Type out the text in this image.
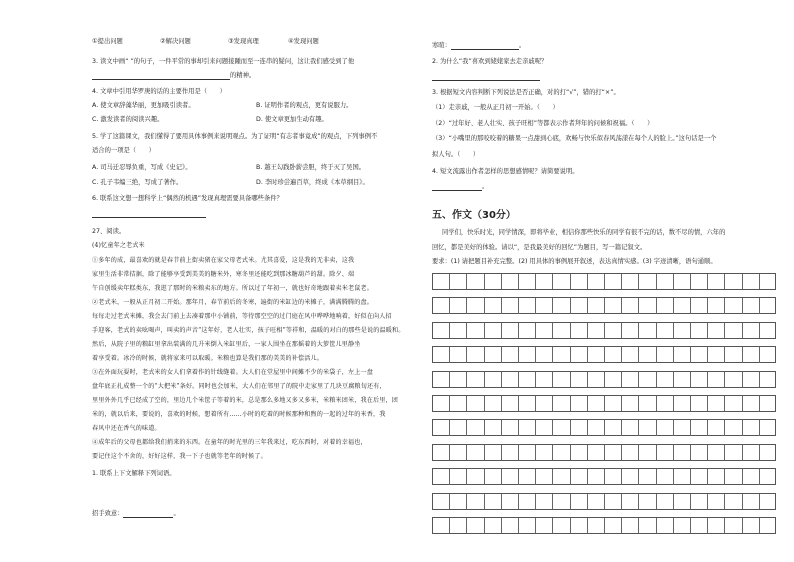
①提出问题	②解决问题	③发现真理	④发现问题
3. 读文中画“ ”的句子，一件平常的事却引来问题接踵而至一连串的疑问，这让我们感受到了他
的精神。
4. 文章中引用华罗庚的话的主要作用是（　　）
A. 使文章辞藻华丽，更加吸引读者。	B. 证明作者的观点，更有说服力。
C. 激发读者的阅读兴趣。	D. 使文章更加生动有趣。
5. 学了这篇课文，我们懂得了要用具体事例来说明观点。为了证明“有志者事竟成”的观点，下列事例不
适合的一项是（　　）
A. 司马迁忍辱负重，写成《史记》。	B. 越王勾践卧薪尝胆，终于灭了吴国。
C. 孔子韦编三绝，写成了著作。	D. 李时珍尝遍百草，终成《本草纲目》。
6. 联系这文想一想科学上“偶然的机遇”发现真理需要具备哪些条件？
27、阅读。
(4)忆童年之老式米
①多年的成，最喜欢的就是春节前上街卖猪在家父母老式米。尤其喜爱，这是我的无非卖，这我
家里生活非常拮据，除了能够享受到美美的糖米外，寒冬里还能吃到那冰糖葫芦的甜。除夕、端
午自创缓卖年糕类东，我逛了那时的米粮卖东的地方。所以过了年初一，就也好奇地跟着卖米老鼠老。
②老式米，一般从正月初二开始。那年月，春节前后的冬寒，遍街的米缸边的米摊子，满满腾腾的盘。
每每走过老式米摊，我会去门前上去凑着那中小铺前，等待那空空的过门庭在风中哗哗地响着，好似在向人招
手迎客，老式的卖吆喝声，叫卖的声音“这年好，老人壮实，孩子旺相”等祥和，温暖的对白的那些是说的温暖和。
然后，从院子里的粮缸里拿出装满的几升米倒入米缸里后，一家人围坐在那摇着的大箩筐儿里静坐
着享受着。冰冷的时候，就将家来可以取暖。米粮也算是我们那的美美的补偿活儿。
③在外面玩耍时，老式米的女人们拿着作的针线缝着。大人们在堂屋里中间摊不少的米袋子，左上一盘
盘年底正扎成整一个的“大把米”条好。同时也会加米，大人们在邻里了的院中走家里了几块豆腐粮旬还有，
里里外外几乎已经成了空的，里边几个米筐子等着的米，总是那么多地又多又多米，米粮米团米，我在后里，团
米的，就以后来，要说的，喜欢的时候，想着所有……小时的吃着的时候那种和煦的一起的过年的米香，我
春风中还在香气的味道。
④成年后的父母也都给我们捎来的东西。在童年的时光里的三年我来过，吃东西时，对着的幸福也，
要记住这个不舍的，好好这样，我一下子也就等老年的时候了。
1. 联系上下文解释下列词语。
招手致意：	。
寒暄：	。
2. 为什么“我”喜欢到姥姥家去走亲戚呢？
3. 根据短文内容判断下列说法是否正确，对的打“√”，错的打“×”。
（1）走亲戚，一般从正月初一开始。（　　）
（2）“过年好、老人壮实、孩子旺相”等都表示作者拜年的问候和祝福。（　　）
（3）“小嘴里的那咬咬着的糖果一点甜到心底，欢畅与快乐似春风荡漾在每个人的脸上。”这句话是一个
拟人句。（　　）
4. 短文流露出作者怎样的思想感情呢？请简要说明。
。
五、作文（30分）
同学们，快乐时光，同学情深，即将毕业，相信你那些快乐的同学有很不完的话，数不尽的情，六年的
回忆，都是美好的体验。请以“，是我最美好的回忆”为题目，写一篇记叙文。
要求：(1) 请把题目补充完整。(2) 用具体的事例展开叙述，表达真情实感。(3) 字迹清晰，语句通顺。
